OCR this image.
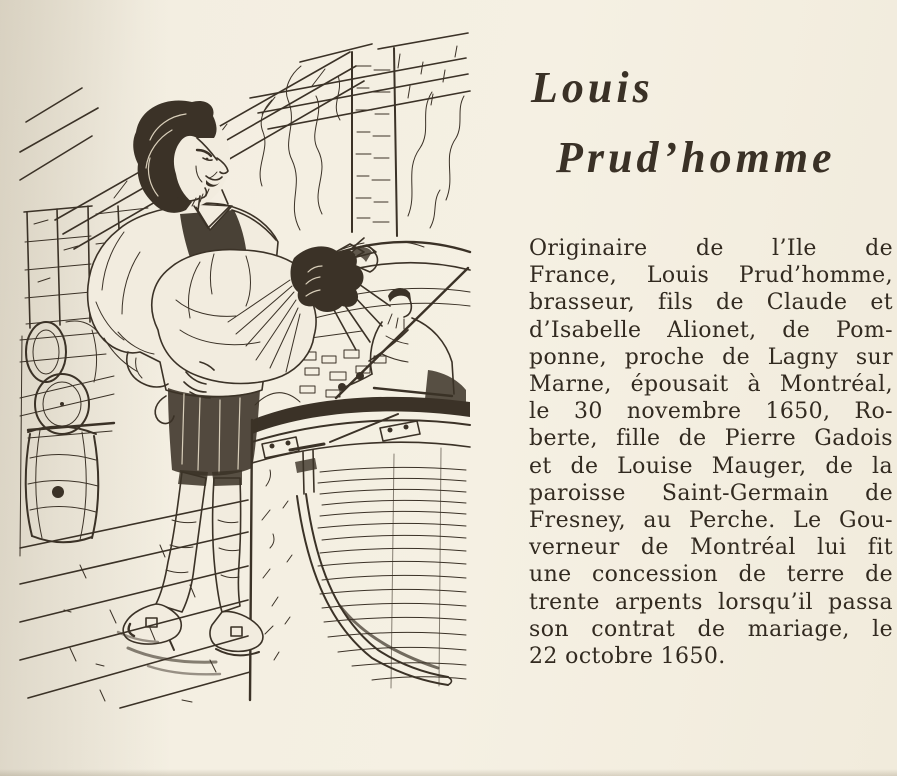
Louis
Prud’homme
Originaire de l’Ile de
France, Louis Prud’homme,
brasseur, fils de Claude et
d’Isabelle Alionet, de Pom-
ponne, proche de Lagny sur
Marne, épousait à Montréal,
le 30 novembre 1650, Ro-
berte, fille de Pierre Gadois
et de Louise Mauger, de la
paroisse Saint-Germain de
Fresney, au Perche. Le Gou-
verneur de Montréal lui fit
une concession de terre de
trente arpents lorsqu’il passa
son contrat de mariage, le
22 octobre 1650.
